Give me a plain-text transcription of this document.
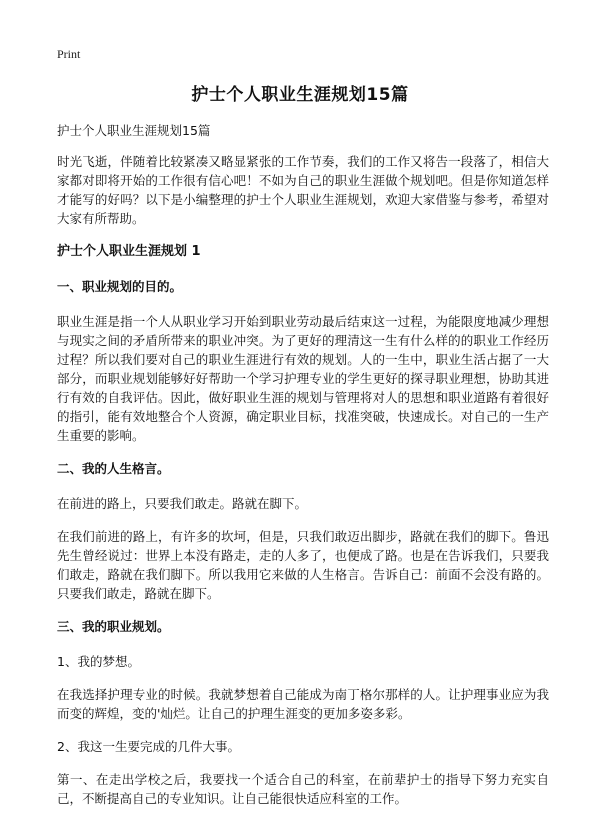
Print
护士个人职业生涯规划15篇

护士个人职业生涯规划15篇

时光飞逝，伴随着比较紧凑又略显紧张的工作节奏，我们的工作又将告一段落了，相信大家都对即将开始的工作很有信心吧！不如为自己的职业生涯做个规划吧。但是你知道怎样才能写的好吗？以下是小编整理的护士个人职业生涯规划，欢迎大家借鉴与参考，希望对大家有所帮助。

护士个人职业生涯规划 1
一、职业规划的目的。

职业生涯是指一个人从职业学习开始到职业劳动最后结束这一过程，为能限度地减少理想与现实之间的矛盾所带来的职业冲突。为了更好的理清这一生有什么样的的职业工作经历过程？所以我们要对自己的职业生涯进行有效的规划。人的一生中，职业生活占据了一大部分，而职业规划能够好好帮助一个学习护理专业的学生更好的探寻职业理想，协助其进行有效的自我评估。因此，做好职业生涯的规划与管理将对人的思想和职业道路有着很好的指引，能有效地整合个人资源，确定职业目标，找准突破，快速成长。对自己的一生产生重要的影响。

二、我的人生格言。

在前进的路上，只要我们敢走。路就在脚下。

在我们前进的路上，有许多的坎坷，但是，只我们敢迈出脚步，路就在我们的脚下。鲁迅先生曾经说过：世界上本没有路走，走的人多了，也便成了路。也是在告诉我们，只要我们敢走，路就在我们脚下。所以我用它来做的人生格言。告诉自己：前面不会没有路的。只要我们敢走，路就在脚下。

三、我的职业规划。

1、我的梦想。

在我选择护理专业的时候。我就梦想着自己能成为南丁格尔那样的人。让护理事业应为我而变的辉煌，变的'灿烂。让自己的护理生涯变的更加多姿多彩。

2、我这一生要完成的几件大事。

第一、在走出学校之后，我要找一个适合自己的科室，在前辈护士的指导下努力充实自己，不断提高自己的专业知识。让自己能很快适应科室的工作。
